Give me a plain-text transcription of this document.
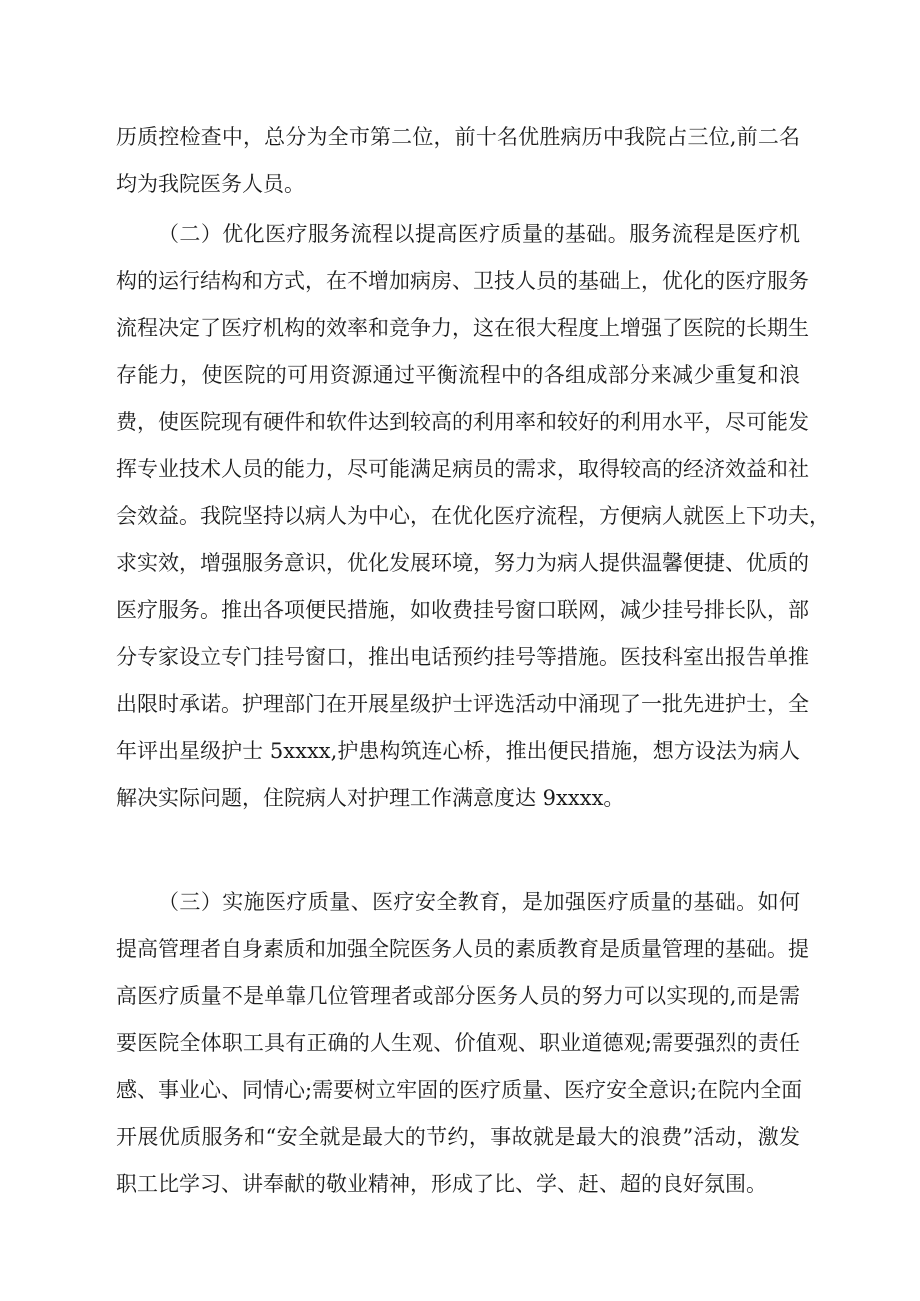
历质控检查中，总分为全市第二位，前十名优胜病历中我院占三位,前二名
均为我院医务人员。
（二）优化医疗服务流程以提高医疗质量的基础。服务流程是医疗机
构的运行结构和方式，在不增加病房、卫技人员的基础上，优化的医疗服务
流程决定了医疗机构的效率和竞争力，这在很大程度上增强了医院的长期生
存能力，使医院的可用资源通过平衡流程中的各组成部分来减少重复和浪
费，使医院现有硬件和软件达到较高的利用率和较好的利用水平，尽可能发
挥专业技术人员的能力，尽可能满足病员的需求，取得较高的经济效益和社
会效益。我院坚持以病人为中心，在优化医疗流程，方便病人就医上下功夫，
求实效，增强服务意识，优化发展环境，努力为病人提供温馨便捷、优质的
医疗服务。推出各项便民措施，如收费挂号窗口联网，减少挂号排长队，部
分专家设立专门挂号窗口，推出电话预约挂号等措施。医技科室出报告单推
出限时承诺。护理部门在开展星级护士评选活动中涌现了一批先进护士，全
年评出星级护士 5xxxx,护患构筑连心桥，推出便民措施，想方设法为病人
解决实际问题，住院病人对护理工作满意度达 9xxxx。
（三）实施医疗质量、医疗安全教育，是加强医疗质量的基础。如何
提高管理者自身素质和加强全院医务人员的素质教育是质量管理的基础。提
高医疗质量不是单靠几位管理者或部分医务人员的努力可以实现的,而是需
要医院全体职工具有正确的人生观、价值观、职业道德观;需要强烈的责任
感、事业心、同情心;需要树立牢固的医疗质量、医疗安全意识;在院内全面
开展优质服务和“安全就是最大的节约，事故就是最大的浪费”活动，激发
职工比学习、讲奉献的敬业精神，形成了比、学、赶、超的良好氛围。
